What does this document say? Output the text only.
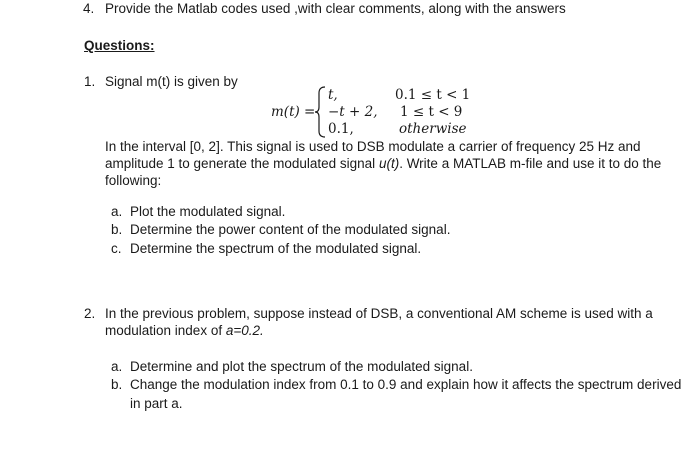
4. Provide the Matlab codes used ,with clear comments, along with the answers
Questions:
1. Signal m(t) is given by
m(t) =
t,	0.1 ≤ t < 1
−t + 2, 1 ≤ t < 9
0.1,	otherwise
In the interval [0, 2]. This signal is used to DSB modulate a carrier of frequency 25 Hz and
amplitude 1 to generate the modulated signal u(t). Write a MATLAB m-file and use it to do the
following:
a. Plot the modulated signal.
b. Determine the power content of the modulated signal.
c. Determine the spectrum of the modulated signal.
2. In the previous problem, suppose instead of DSB, a conventional AM scheme is used with a
modulation index of a=0.2.
a. Determine and plot the spectrum of the modulated signal.
b. Change the modulation index from 0.1 to 0.9 and explain how it affects the spectrum derived
in part a.
